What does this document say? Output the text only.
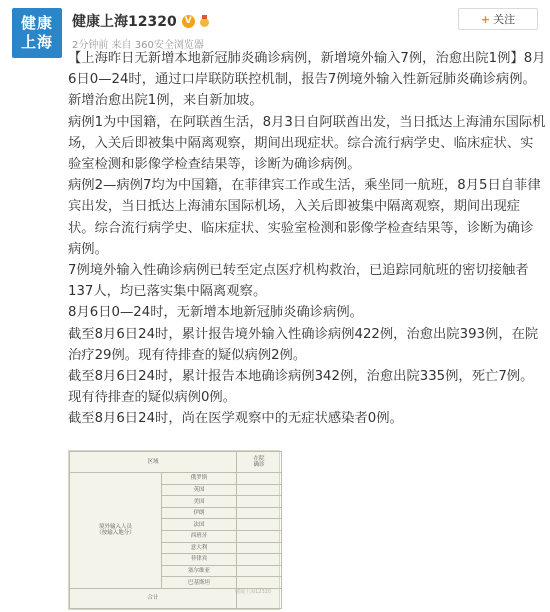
健康
上海
健康上海12320 V
2分钟前 来自 360安全浏览器
+ 关注

【上海昨日无新增本地新冠肺炎确诊病例，新增境外输入7例，治愈出院1例】8月6日0—24时，通过口岸联防联控机制，报告7例境外输入性新冠肺炎确诊病例。新增治愈出院1例，来自新加坡。

病例1为中国籍，在阿联酋生活，8月3日自阿联酋出发，当日抵达上海浦东国际机场，入关后即被集中隔离观察，期间出现症状。综合流行病学史、临床症状、实验室检测和影像学检查结果等，诊断为确诊病例。

病例2—病例7均为中国籍，在菲律宾工作或生活，乘坐同一航班，8月5日自菲律宾出发，当日抵达上海浦东国际机场，入关后即被集中隔离观察，期间出现症状。综合流行病学史、临床症状、实验室检测和影像学检查结果等，诊断为确诊病例。

7例境外输入性确诊病例已转至定点医疗机构救治，已追踪同航班的密切接触者137人，均已落实集中隔离观察。

8月6日0—24时，无新增本地新冠肺炎确诊病例。

截至8月6日24时，累计报告境外输入性确诊病例422例，治愈出院393例，在院治疗29例。现有待排查的疑似病例2例。

截至8月6日24时，累计报告本地确诊病例342例，治愈出院335例，死亡7例。现有待排查的疑似病例0例。

截至8月6日24时，尚在医学观察中的无症状感染者0例。

区域		在院
确诊
境外输入人员
（按输入地分）	俄罗斯	
	英国	
	美国	
	伊朗	
	法国	
	西班牙	
	意大利	
	菲律宾	
	塞尔维亚	
	巴基斯坦	
合计		
健康上海12320
